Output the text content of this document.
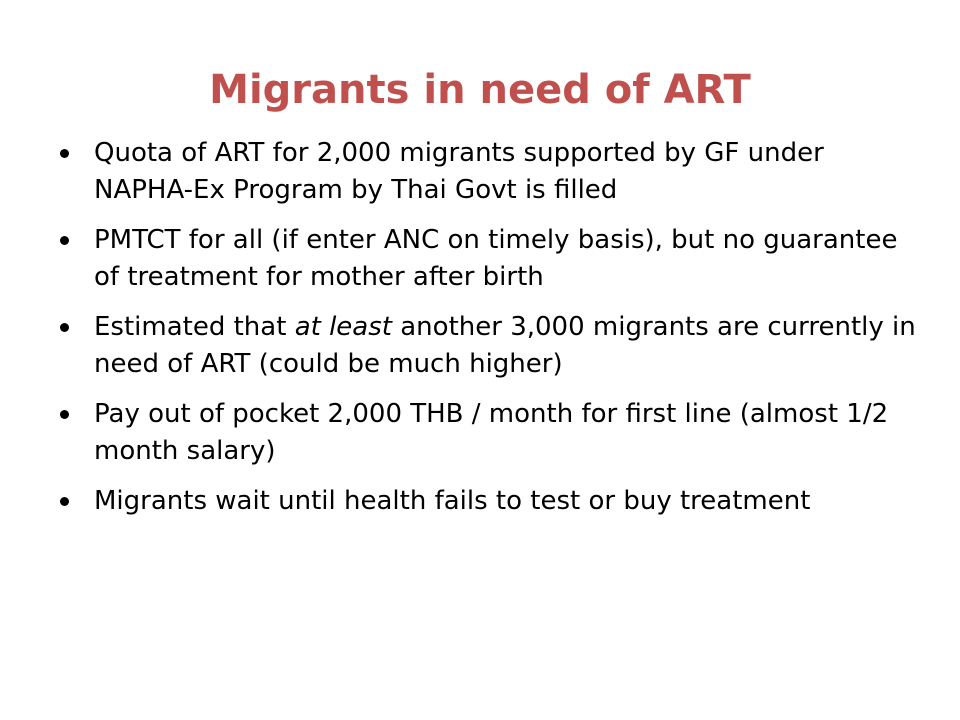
Migrants in need of ART
Quota of ART for 2,000 migrants supported by GF under NAPHA-Ex Program by Thai Govt is filled
PMTCT for all (if enter ANC on timely basis), but no guarantee of treatment for mother after birth
Estimated that at least another 3,000 migrants are currently in need of ART (could be much higher)
Pay out of pocket 2,000 THB / month for first line (almost 1/2 month salary)
Migrants wait until health fails to test or buy treatment
